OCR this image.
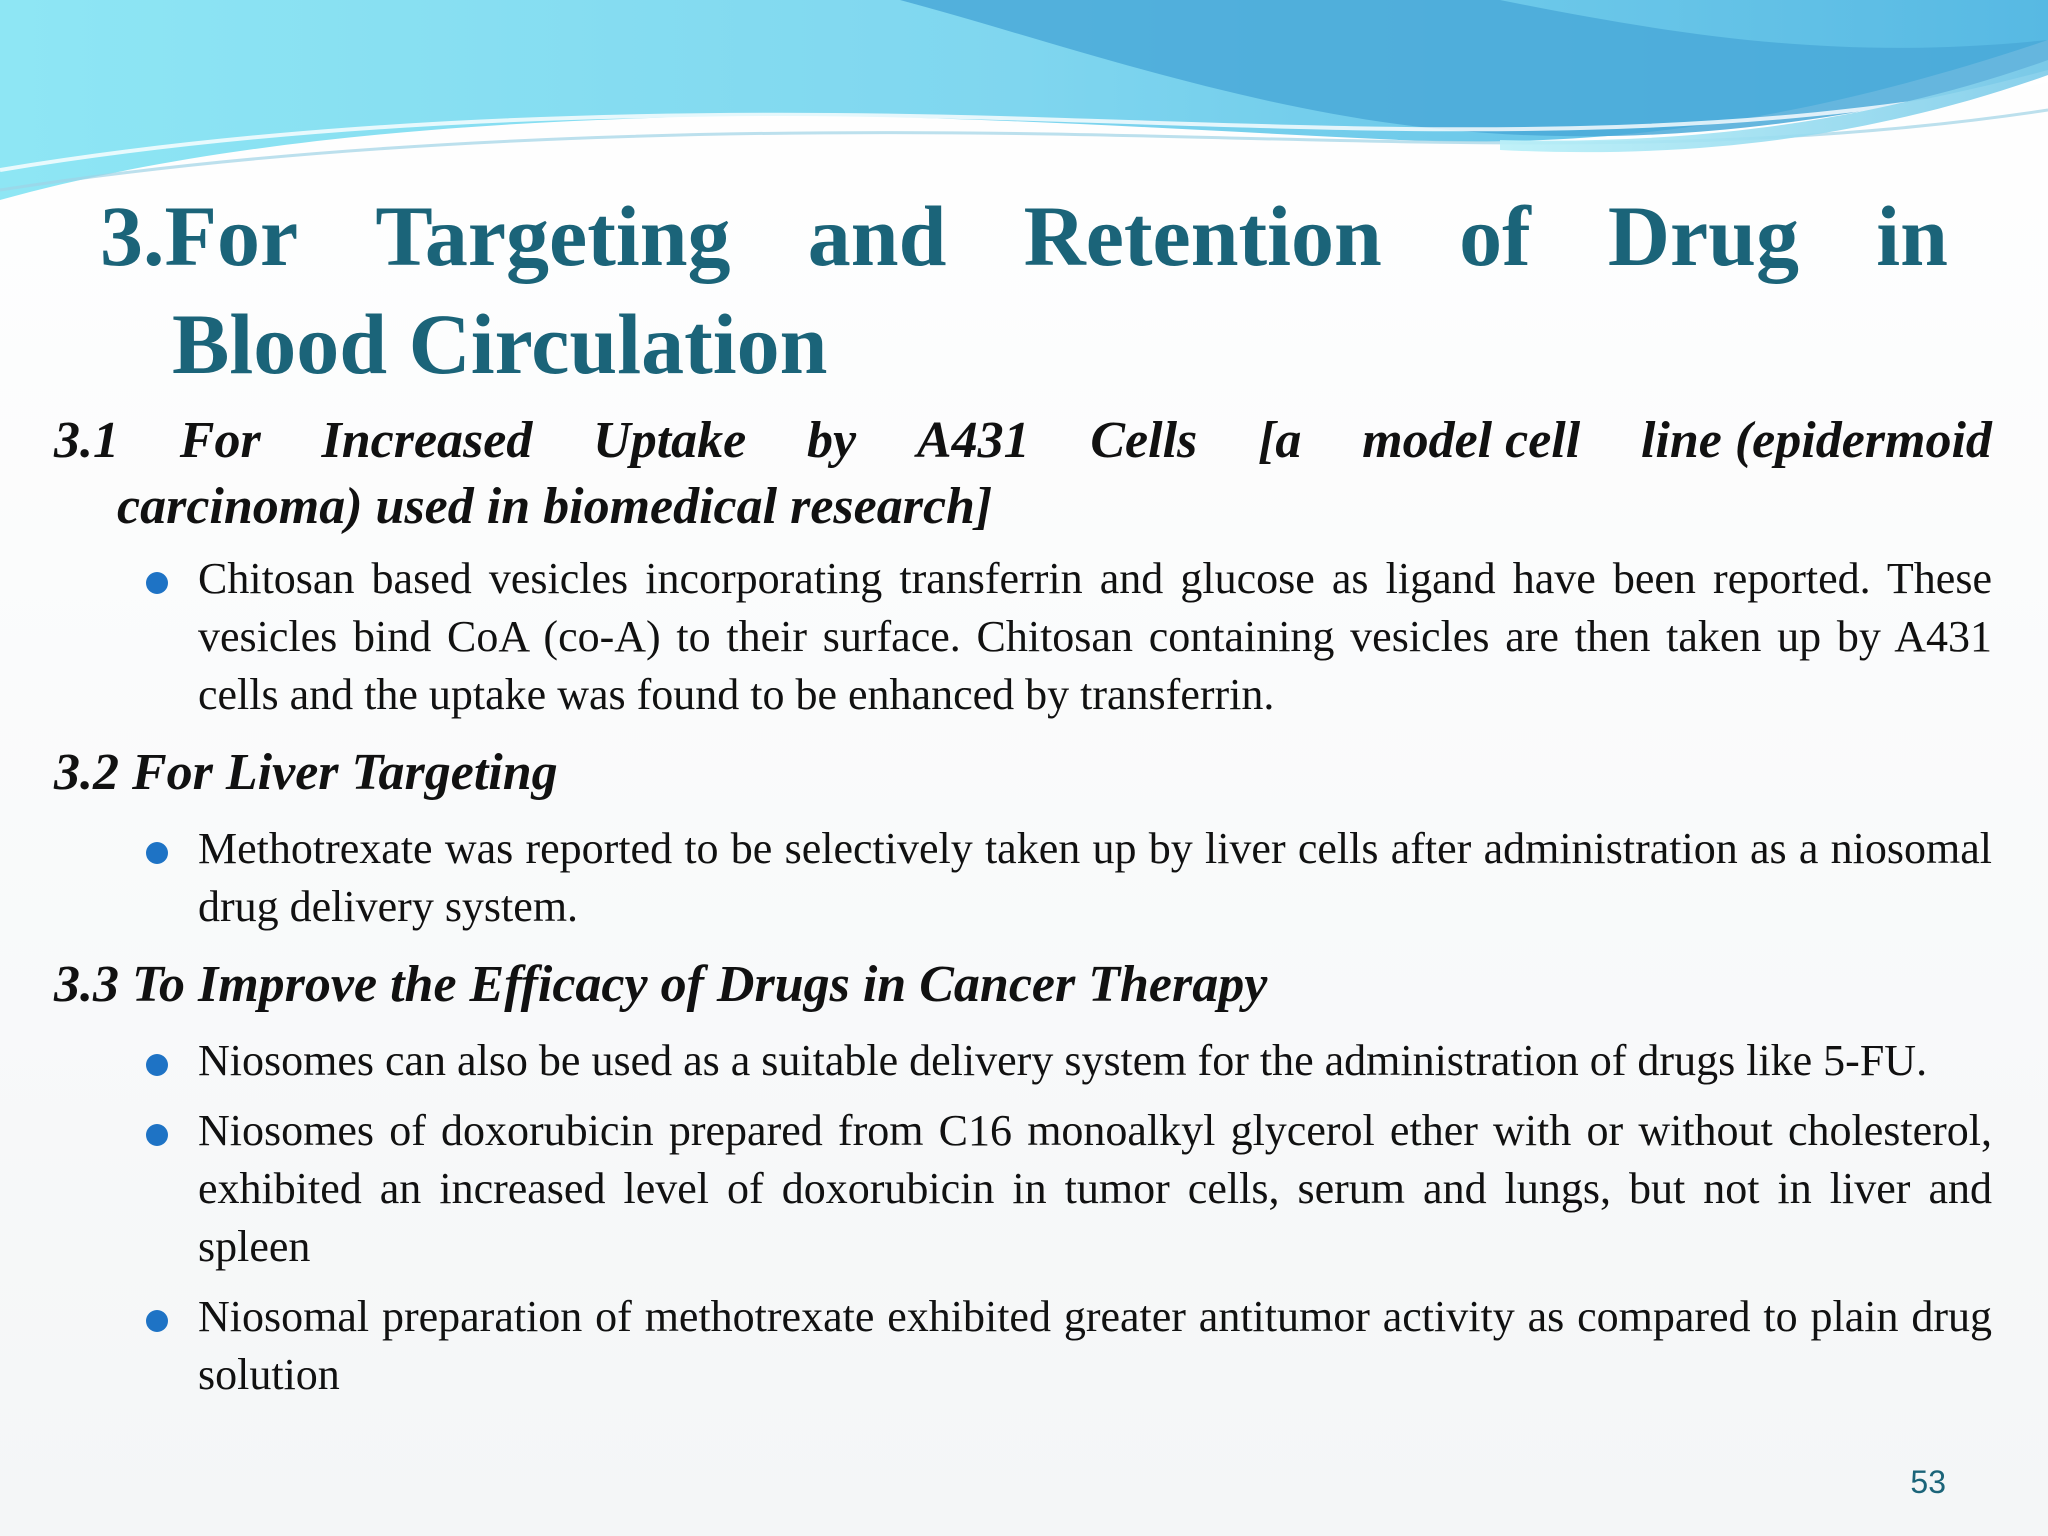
3.For Targeting and Retention of Drug in
Blood Circulation
3.1 For Increased Uptake by A431 Cells [a model cell line (epidermoid
carcinoma) used in biomedical research]
Chitosan based vesicles incorporating transferrin and glucose as ligand have been reported. These vesicles bind CoA (co-A) to their surface. Chitosan containing vesicles are then taken up by A431 cells and the uptake was found to be enhanced by transferrin.
3.2 For Liver Targeting
Methotrexate was reported to be selectively taken up by liver cells after administration as a niosomal drug delivery system.
3.3 To Improve the Efficacy of Drugs in Cancer Therapy
Niosomes can also be used as a suitable delivery system for the administration of drugs like 5-FU.
Niosomes of doxorubicin prepared from C16 monoalkyl glycerol ether with or without cholesterol, exhibited an increased level of doxorubicin in tumor cells, serum and lungs, but not in liver and spleen
Niosomal preparation of methotrexate exhibited greater antitumor activity as compared to plain drug solution
53
